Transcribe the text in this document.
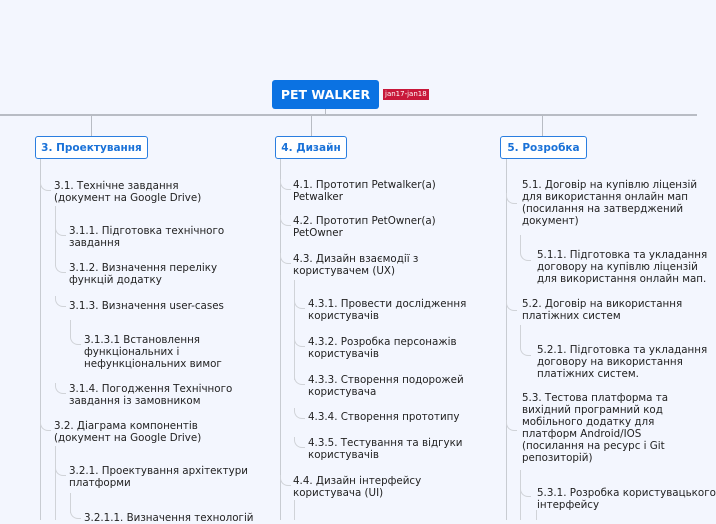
PET WALKER	jan17-jan18
3. Проектування	4. Дизайн	5. Розробка
3.1. Технічне завдання
(документ на Google Drive)
3.1.1. Підготовка технічного
завдання
3.1.2. Визначення переліку
функцій додатку
3.1.3. Визначення user-cases
3.1.3.1 Встановлення
функціональних і
нефункціональних вимог
3.1.4. Погодження Технічного
завдання із замовником
3.2. Діаграма компонентів
(документ на Google Drive)
3.2.1. Проектування архітектури
платформи
3.2.1.1. Визначення технологій
4.1. Прототип Petwalker(а)
Petwalker
4.2. Прототип PetOwner(а)
PetOwner
4.3. Дизайн взаємодії з
користувачем (UX)
4.3.1. Провести дослідження
користувачів
4.3.2. Розробка персонажів
користувачів
4.3.3. Створення подорожей
користувача
4.3.4. Створення прототипу
4.3.5. Тестування та відгуки
користувачів
4.4. Дизайн інтерфейсу
користувача (UI)
5.1. Договір на купівлю ліцензій
для використання онлайн мап
(посилання на затверджений
документ)
5.1.1. Підготовка та укладання
договору на купівлю ліцензій
для використання онлайн мап.
5.2. Договір на використання
платіжних систем
5.2.1. Підготовка та укладання
договору на використання
платіжних систем.
5.3. Тестова платформа та
вихідний програмний код
мобільного додатку для
платформ Android/IOS
(посилання на ресурс і Git
репозиторій)
5.3.1. Розробка користувацького
інтерфейсу
